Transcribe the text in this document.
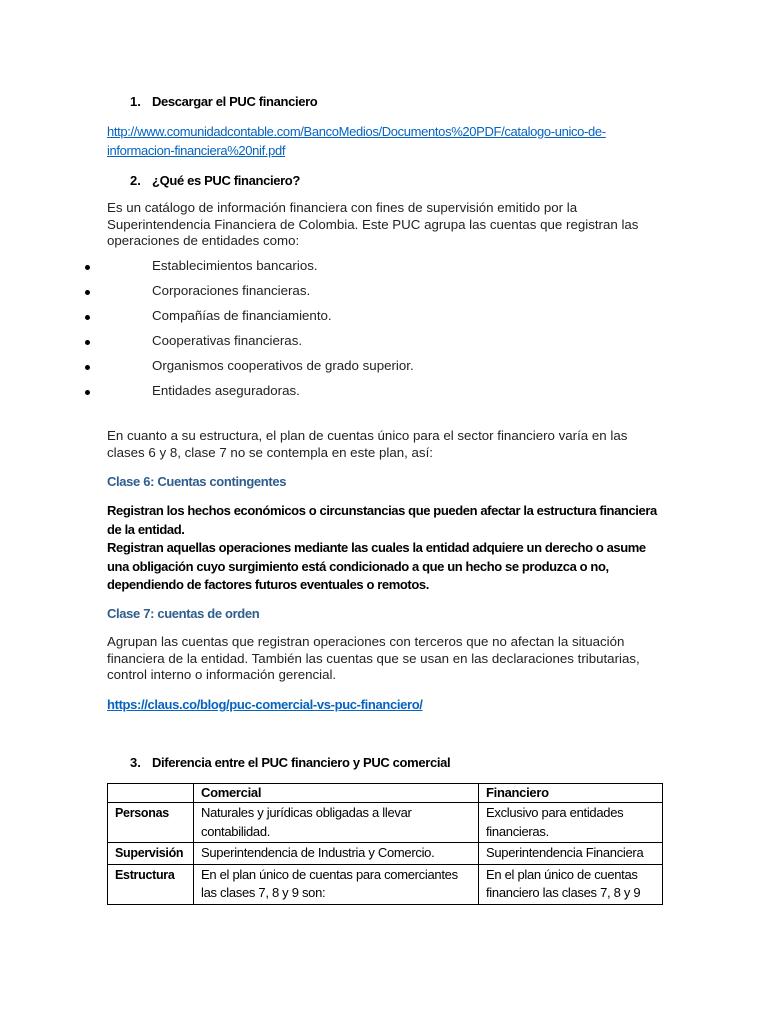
1. Descargar el PUC financiero
http://www.comunidadcontable.com/BancoMedios/Documentos%20PDF/catalogo-unico-de-
informacion-financiera%20nif.pdf
2. ¿Qué es PUC financiero?
Es un catálogo de información financiera con fines de supervisión emitido por la Superintendencia Financiera de Colombia. Este PUC agrupa las cuentas que registran las operaciones de entidades como:
Establecimientos bancarios.
Corporaciones financieras.
Compañías de financiamiento.
Cooperativas financieras.
Organismos cooperativos de grado superior.
Entidades aseguradoras.
En cuanto a su estructura, el plan de cuentas único para el sector financiero varía en las clases 6 y 8, clase 7 no se contempla en este plan, así:
Clase 6: Cuentas contingentes
Registran los hechos económicos o circunstancias que pueden afectar la estructura financiera de la entidad.
Registran aquellas operaciones mediante las cuales la entidad adquiere un derecho o asume una obligación cuyo surgimiento está condicionado a que un hecho se produzca o no, dependiendo de factores futuros eventuales o remotos.
Clase 7: cuentas de orden
Agrupan las cuentas que registran operaciones con terceros que no afectan la situación financiera de la entidad. También las cuentas que se usan en las declaraciones tributarias, control interno o información gerencial.
https://claus.co/blog/puc-comercial-vs-puc-financiero/
3. Diferencia entre el PUC financiero y PUC comercial
	Comercial	Financiero
Personas	Naturales y jurídicas obligadas a llevar contabilidad.	Exclusivo para entidades financieras.
Supervisión	Superintendencia de Industria y Comercio.	Superintendencia Financiera
Estructura	En el plan único de cuentas para comerciantes las clases 7, 8 y 9 son:	En el plan único de cuentas financiero las clases 7, 8 y 9
